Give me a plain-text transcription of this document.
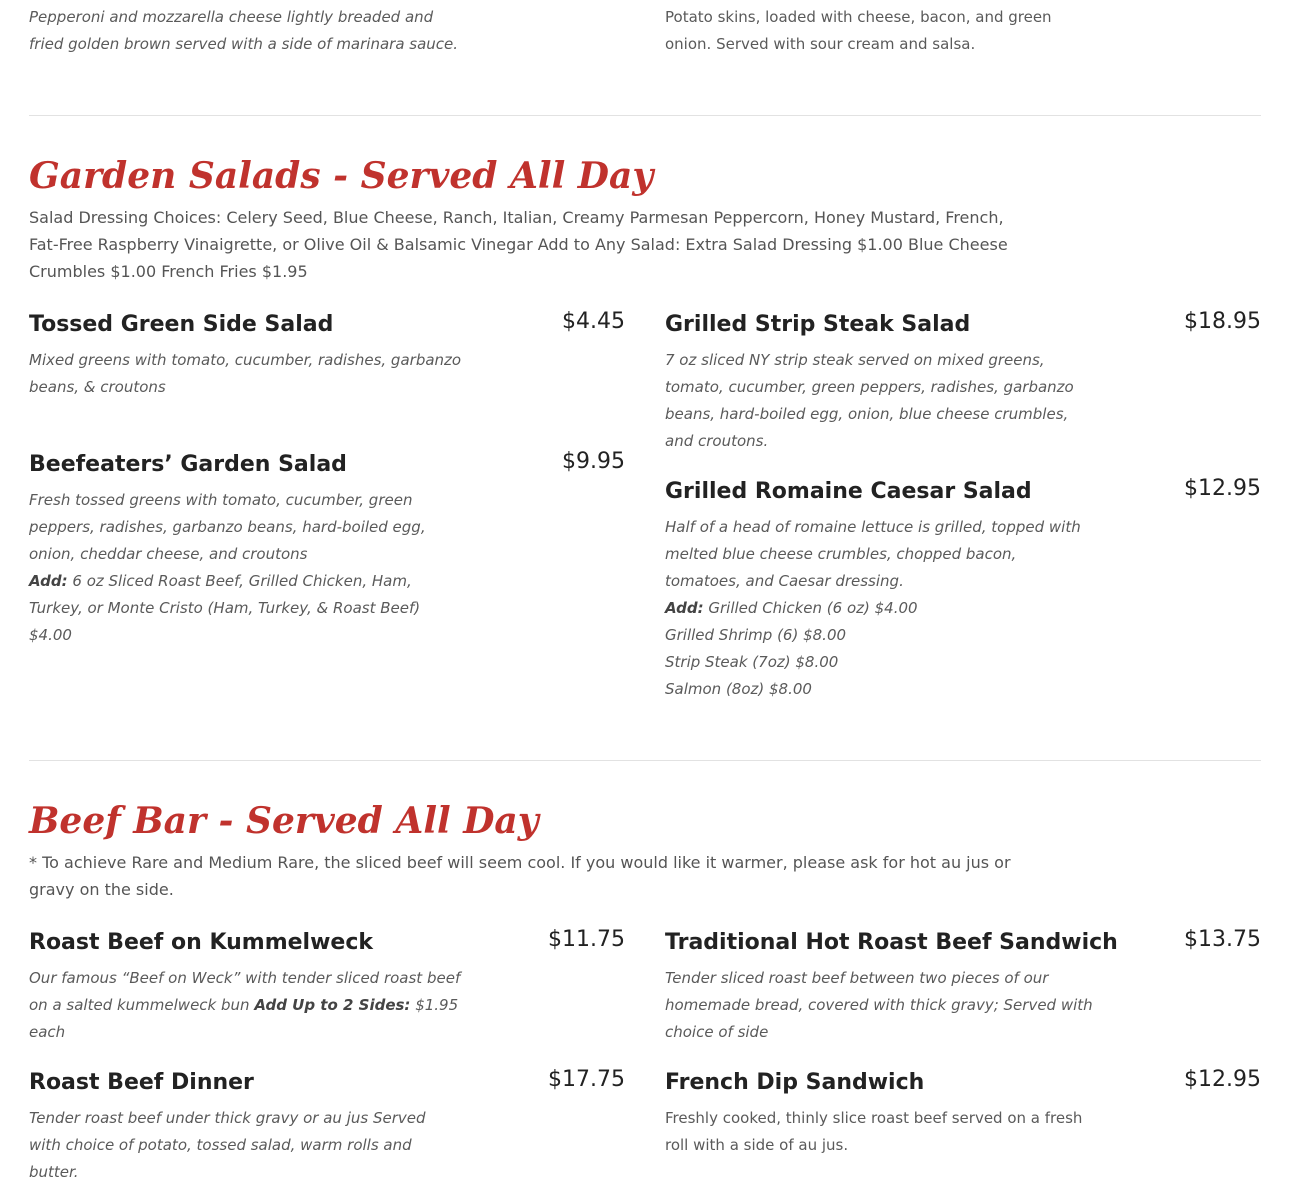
Pepperoni and mozzarella cheese lightly breaded and fried golden brown served with a side of marinara sauce.

Potato skins, loaded with cheese, bacon, and green onion. Served with sour cream and salsa.

Garden Salads - Served All Day

Salad Dressing Choices: Celery Seed, Blue Cheese, Ranch, Italian, Creamy Parmesan Peppercorn, Honey Mustard, French, Fat-Free Raspberry Vinaigrette, or Olive Oil & Balsamic Vinegar Add to Any Salad: Extra Salad Dressing $1.00 Blue Cheese Crumbles $1.00 French Fries $1.95

Tossed Green Side Salad	$4.45

Mixed greens with tomato, cucumber, radishes, garbanzo beans, & croutons

Grilled Strip Steak Salad	$18.95

7 oz sliced NY strip steak served on mixed greens, tomato, cucumber, green peppers, radishes, garbanzo beans, hard-boiled egg, onion, blue cheese crumbles, and croutons.

Beefeaters’ Garden Salad	$9.95

Fresh tossed greens with tomato, cucumber, green peppers, radishes, garbanzo beans, hard-boiled egg, onion, cheddar cheese, and croutons

Add: 6 oz Sliced Roast Beef, Grilled Chicken, Ham, Turkey, or Monte Cristo (Ham, Turkey, & Roast Beef) $4.00

Grilled Romaine Caesar Salad	$12.95

Half of a head of romaine lettuce is grilled, topped with melted blue cheese crumbles, chopped bacon, tomatoes, and Caesar dressing.

Add: Grilled Chicken (6 oz) $4.00

Grilled Shrimp (6) $8.00

Strip Steak (7oz) $8.00

Salmon (8oz) $8.00

Beef Bar - Served All Day

* To achieve Rare and Medium Rare, the sliced beef will seem cool. If you would like it warmer, please ask for hot au jus or gravy on the side.

Roast Beef on Kummelweck	$11.75

Our famous “Beef on Weck” with tender sliced roast beef on a salted kummelweck bun Add Up to 2 Sides: $1.95 each

Traditional Hot Roast Beef Sandwich	$13.75

Tender sliced roast beef between two pieces of our homemade bread, covered with thick gravy; Served with choice of side

Roast Beef Dinner	$17.75

Tender roast beef under thick gravy or au jus Served with choice of potato, tossed salad, warm rolls and butter.

French Dip Sandwich	$12.95

Freshly cooked, thinly slice roast beef served on a fresh roll with a side of au jus.
